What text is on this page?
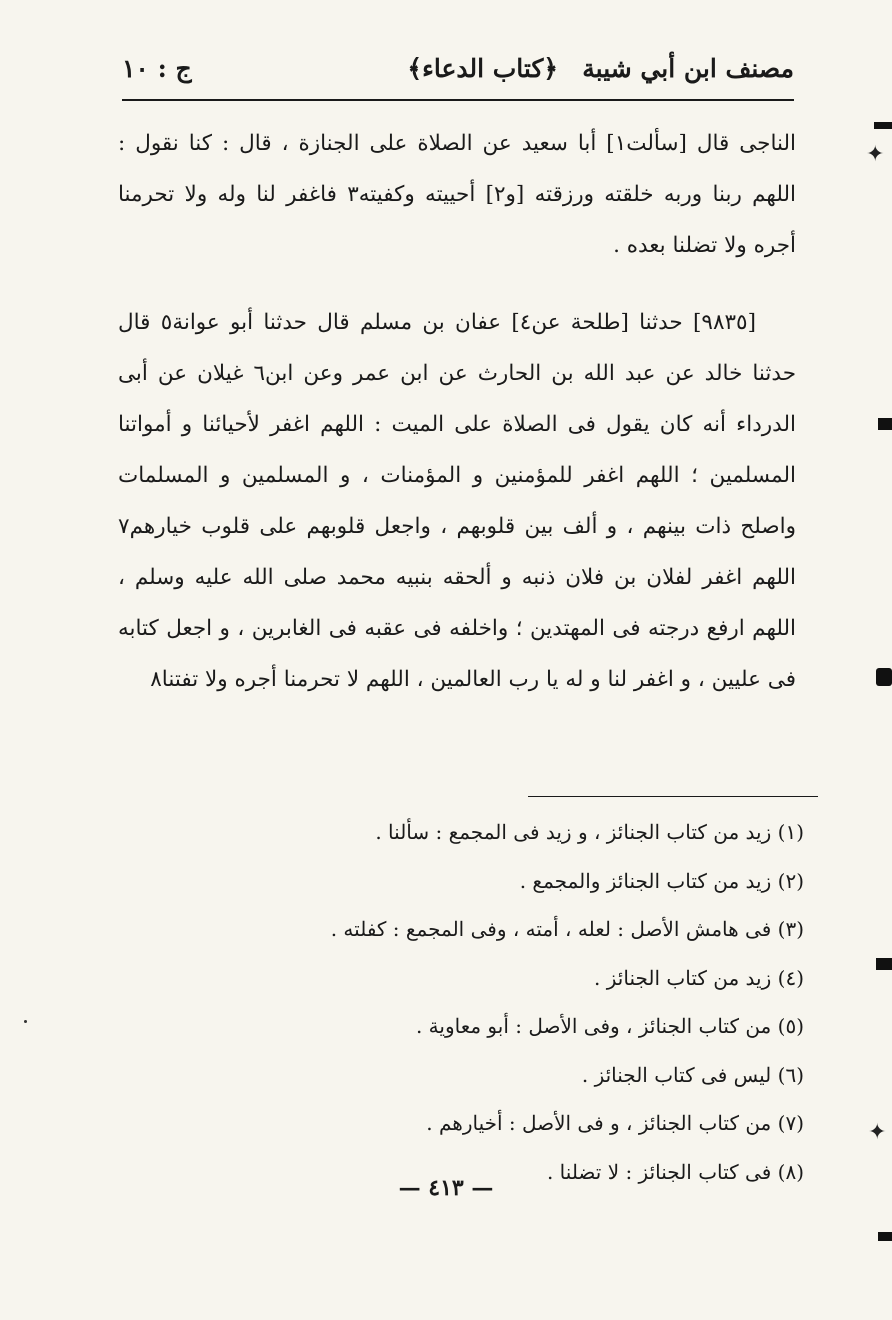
مصنف ابن أبي شيبة
﴿كتاب الدعاء﴾
ج : ١٠

الناجى قال [سألت١] أبا سعيد عن الصلاة على الجنازة ، قال : كنا نقول : اللهم ربنا وربه خلقته ورزقته [و٢] أحييته وكفيته٣ فاغفر لنا وله ولا تحرمنا أجره ولا تضلنا بعده .

[٩٨٣٥] حدثنا [طلحة عن٤] عفان بن مسلم قال حدثنا أبو عوانة٥ قال حدثنا خالد عن عبد الله بن الحارث عن ابن عمر وعن ابن٦ غيلان عن أبى الدرداء أنه كان يقول فى الصلاة على الميت : اللهم اغفر لأحيائنا و أمواتنا المسلمين ؛ اللهم اغفر للمؤمنين و المؤمنات ، و المسلمين و المسلمات واصلح ذات بينهم ، و ألف بين قلوبهم ، واجعل قلوبهم على قلوب خيارهم٧ اللهم اغفر لفلان بن فلان ذنبه و ألحقه بنبيه محمد صلى الله عليه وسلم ، اللهم ارفع درجته فى المهتدين ؛ واخلفه فى عقبه فى الغابرين ، و اجعل كتابه فى عليين ، و اغفر لنا و له يا رب العالمين ، اللهم لا تحرمنا أجره ولا تفتنا٨

(١) زيد من كتاب الجنائز ، و زيد فى المجمع : سألنا .
(٢) زيد من كتاب الجنائز والمجمع .
(٣) فى هامش الأصل : لعله ، أمته ، وفى المجمع : كفلته .
(٤) زيد من كتاب الجنائز .
(٥) من كتاب الجنائز ، وفى الأصل : أبو معاوية .
(٦) ليس فى كتاب الجنائز .
(٧) من كتاب الجنائز ، و فى الأصل : أخيارهم .
(٨) فى كتاب الجنائز : لا تضلنا .
— ٤١٣ —
✦
✦
